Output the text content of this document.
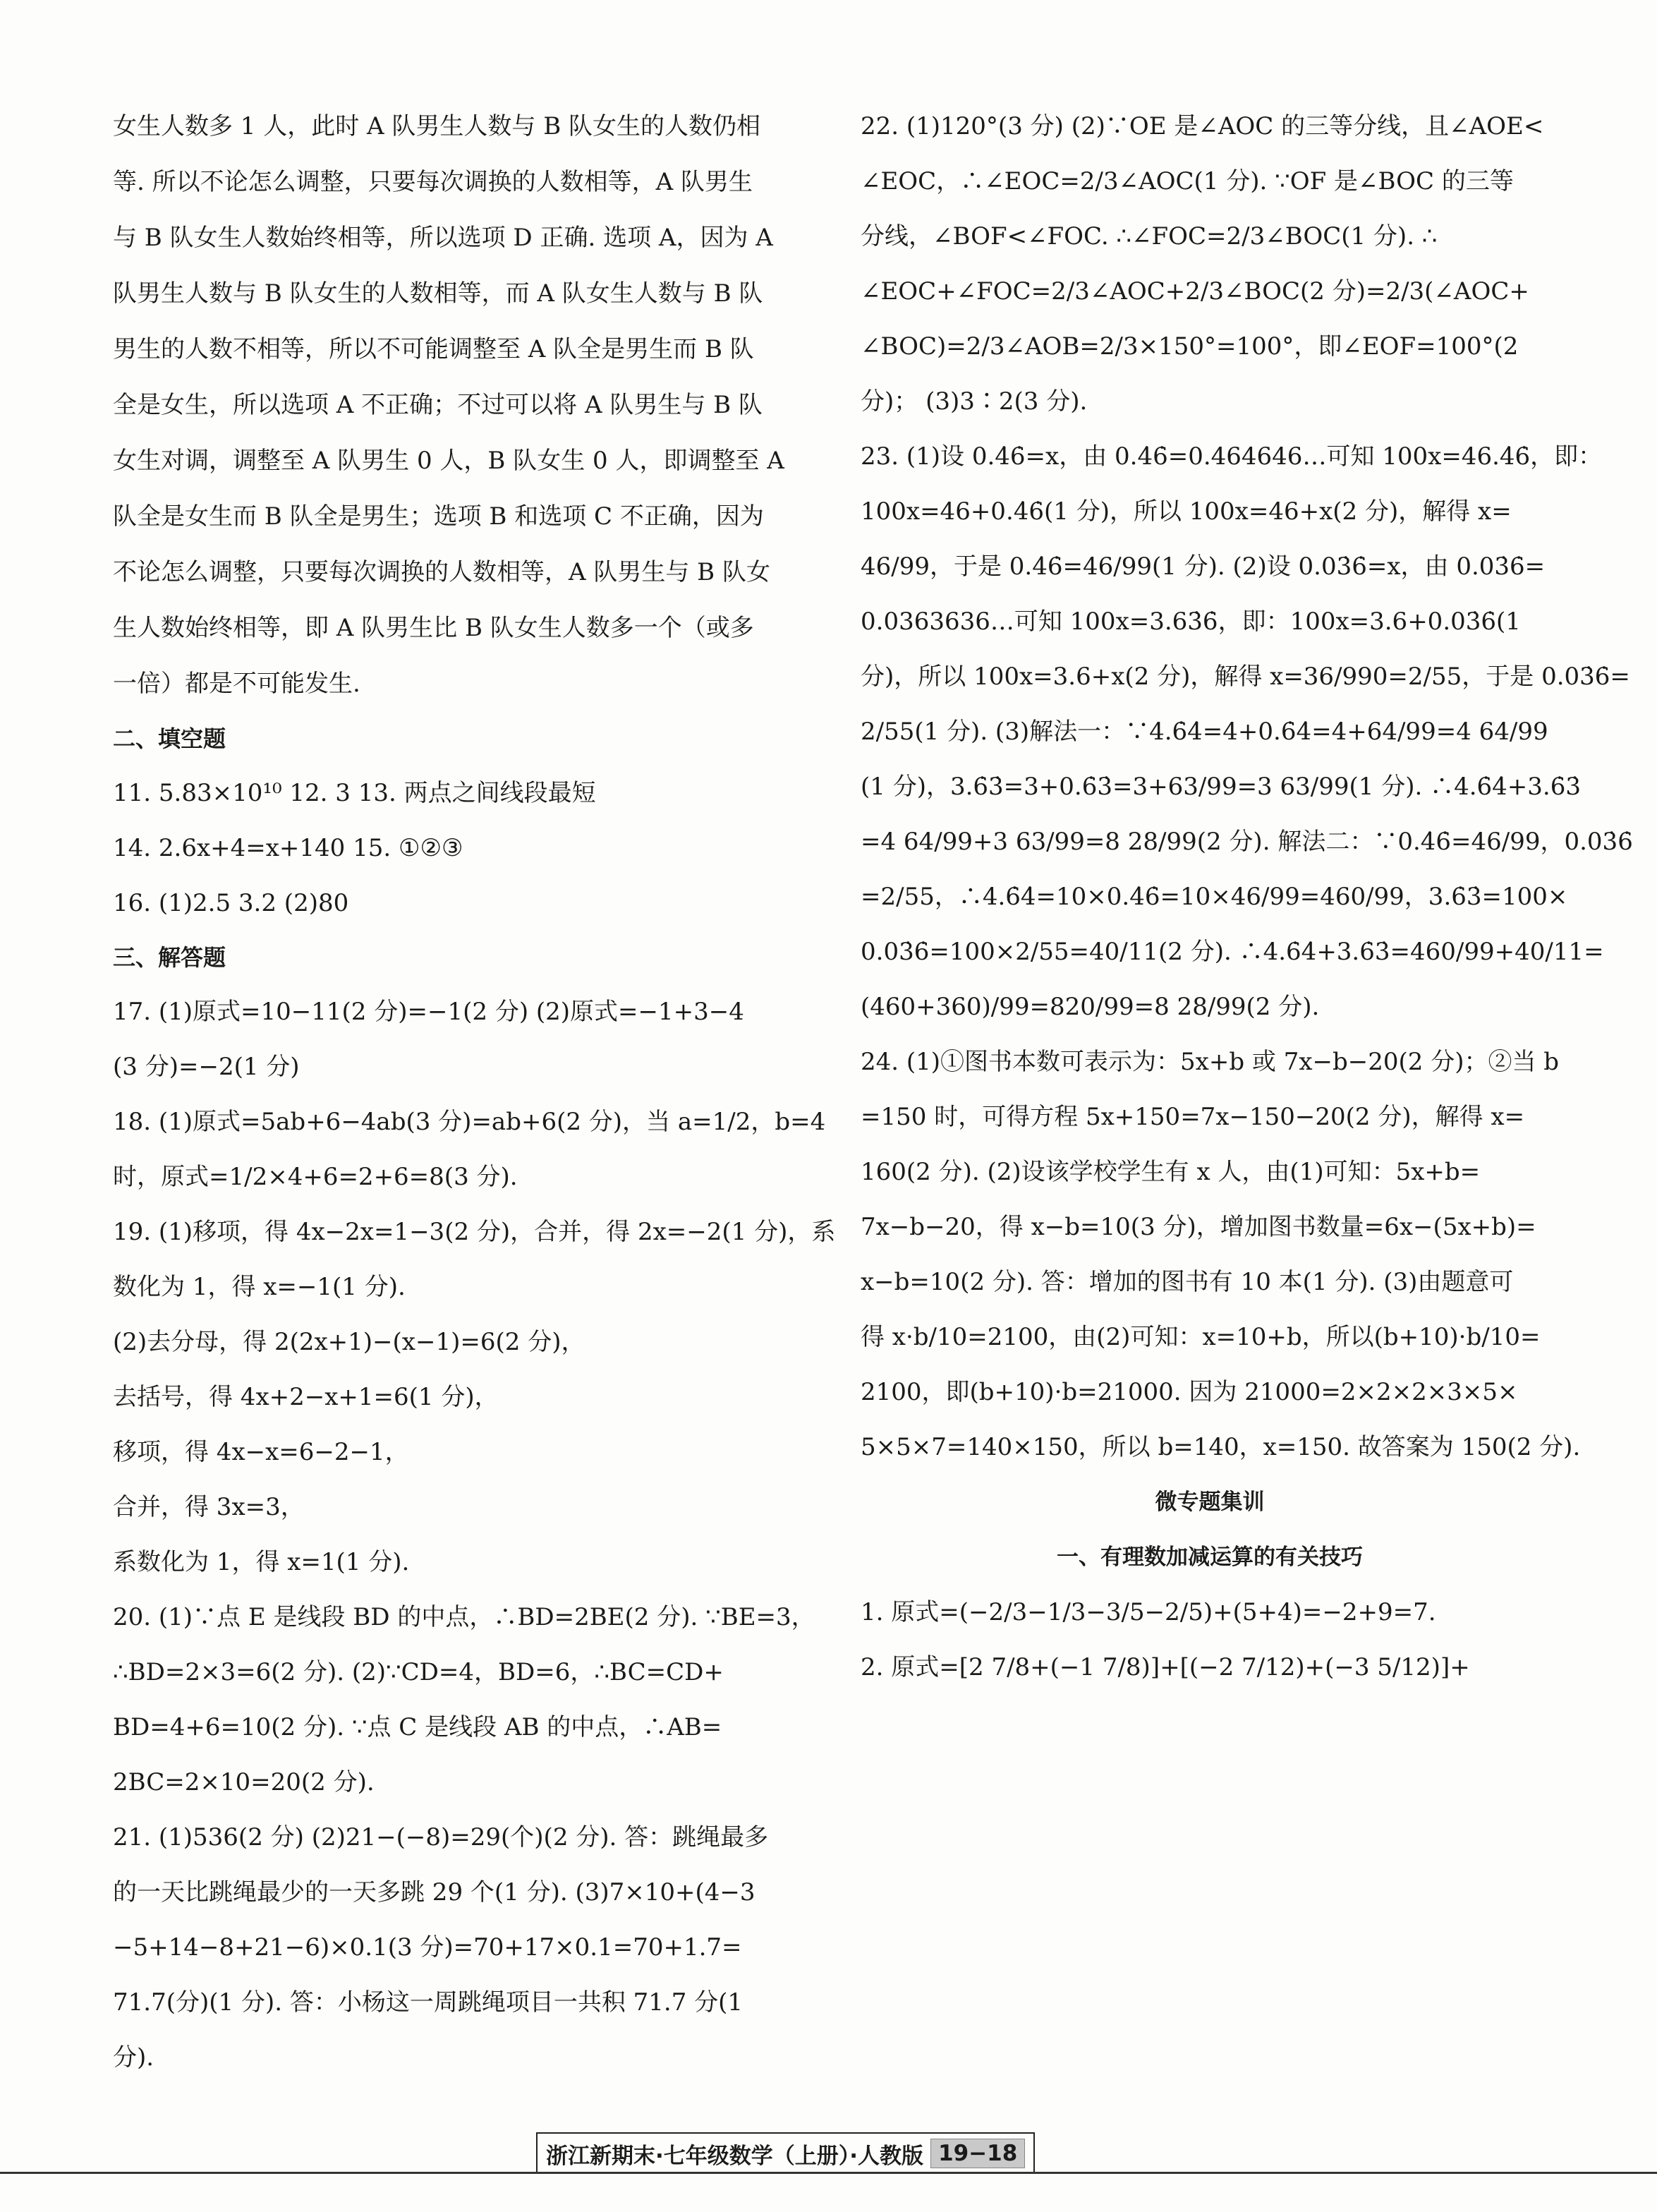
女生人数多 1 人，此时 A 队男生人数与 B 队女生的人数仍相
等. 所以不论怎么调整，只要每次调换的人数相等，A 队男生
与 B 队女生人数始终相等，所以选项 D 正确. 选项 A，因为 A
队男生人数与 B 队女生的人数相等，而 A 队女生人数与 B 队
男生的人数不相等，所以不可能调整至 A 队全是男生而 B 队
全是女生，所以选项 A 不正确；不过可以将 A 队男生与 B 队
女生对调，调整至 A 队男生 0 人，B 队女生 0 人，即调整至 A
队全是女生而 B 队全是男生；选项 B 和选项 C 不正确，因为
不论怎么调整，只要每次调换的人数相等，A 队男生与 B 队女
生人数始终相等，即 A 队男生比 B 队女生人数多一个（或多
一倍）都是不可能发生.
二、填空题
11. 5.83×10¹⁰ 12. 3 13. 两点之间线段最短
14. 2.6x+4=x+140 15. ①②③
16. (1)2.5 3.2 (2)80
三、解答题
17. (1)原式=10−11(2 分)=−1(2 分) (2)原式=−1+3−4
(3 分)=−2(1 分)
18. (1)原式=5ab+6−4ab(3 分)=ab+6(2 分)，当 a=1/2，b=4
时，原式=1/2×4+6=2+6=8(3 分).
19. (1)移项，得 4x−2x=1−3(2 分)，合并，得 2x=−2(1 分)，系
数化为 1，得 x=−1(1 分).
(2)去分母，得 2(2x+1)−(x−1)=6(2 分)，
去括号，得 4x+2−x+1=6(1 分)，
移项，得 4x−x=6−2−1，
合并，得 3x=3，
系数化为 1，得 x=1(1 分).
20. (1)∵点 E 是线段 BD 的中点，∴BD=2BE(2 分). ∵BE=3，
∴BD=2×3=6(2 分). (2)∵CD=4，BD=6，∴BC=CD+
BD=4+6=10(2 分). ∵点 C 是线段 AB 的中点，∴AB=
2BC=2×10=20(2 分).
21. (1)536(2 分) (2)21−(−8)=29(个)(2 分). 答：跳绳最多
的一天比跳绳最少的一天多跳 29 个(1 分). (3)7×10+(4−3
−5+14−8+21−6)×0.1(3 分)=70+17×0.1=70+1.7=
71.7(分)(1 分). 答：小杨这一周跳绳项目一共积 71.7 分(1
分).
22. (1)120°(3 分) (2)∵OE 是∠AOC 的三等分线，且∠AOE<
∠EOC，∴∠EOC=2/3∠AOC(1 分). ∵OF 是∠BOC 的三等
分线，∠BOF<∠FOC. ∴∠FOC=2/3∠BOC(1 分). ∴
∠EOC+∠FOC=2/3∠AOC+2/3∠BOC(2 分)=2/3(∠AOC+
∠BOC)=2/3∠AOB=2/3×150°=100°，即∠EOF=100°(2
分)； (3)3∶2(3 分).
23. (1)设 0.4̇6̇=x，由 0.4̇6̇=0.464646…可知 100x=46.4̇6̇，即：
100x=46+0.4̇6̇(1 分)，所以 100x=46+x(2 分)，解得 x=
46/99，于是 0.4̇6̇=46/99(1 分). (2)设 0.03̇6̇=x，由 0.03̇6̇=
0.0363636…可知 100x=3.63̇6̇，即：100x=3.6+0.03̇6̇(1
分)，所以 100x=3.6+x(2 分)，解得 x=36/990=2/55，于是 0.03̇6̇=
2/55(1 分). (3)解法一：∵4.6̇4̇=4+0.6̇4̇=4+64/99=4 64/99
(1 分)，3.6̇3̇=3+0.6̇3̇=3+63/99=3 63/99(1 分). ∴4.6̇4̇+3.6̇3̇
=4 64/99+3 63/99=8 28/99(2 分). 解法二：∵0.4̇6̇=46/99，0.03̇6̇
=2/55，∴4.6̇4̇=10×0.4̇6̇=10×46/99=460/99，3.6̇3̇=100×
0.03̇6̇=100×2/55=40/11(2 分). ∴4.6̇4̇+3.6̇3̇=460/99+40/11=
(460+360)/99=820/99=8 28/99(2 分).
24. (1)①图书本数可表示为：5x+b 或 7x−b−20(2 分)；②当 b
=150 时，可得方程 5x+150=7x−150−20(2 分)，解得 x=
160(2 分). (2)设该学校学生有 x 人，由(1)可知：5x+b=
7x−b−20，得 x−b=10(3 分)，增加图书数量=6x−(5x+b)=
x−b=10(2 分). 答：增加的图书有 10 本(1 分). (3)由题意可
得 x·b/10=2100，由(2)可知：x=10+b，所以(b+10)·b/10=
2100，即(b+10)·b=21000. 因为 21000=2×2×2×3×5×
5×5×7=140×150，所以 b=140，x=150. 故答案为 150(2 分).
微专题集训
一、有理数加减运算的有关技巧
1. 原式=(−2/3−1/3−3/5−2/5)+(5+4)=−2+9=7.
2. 原式=[2 7/8+(−1 7/8)]+[(−2 7/12)+(−3 5/12)]+
浙江新期末·七年级数学（上册）·人教版 19−18
